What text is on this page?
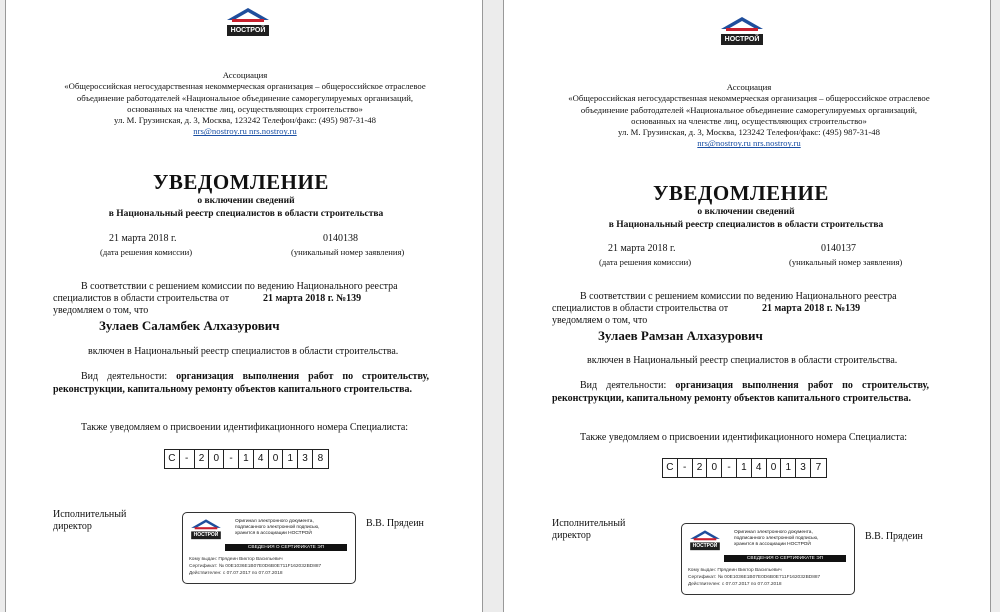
НОСТРОЙ
Ассоциация
«Общероссийская негосударственная некоммерческая организация – общероссийское отраслевое
объединение работодателей «Национальное объединение саморегулируемых организаций,
основанных на членстве лиц, осуществляющих строительство»
ул. М. Грузинская, д. 3, Москва, 123242 Телефон/факс: (495) 987-31-48
nrs@nostroy.ru nrs.nostroy.ru
УВЕДОМЛЕНИЕ
о включении сведений
в Национальный реестр специалистов в области строительства
21 марта 2018 г.
(дата решения комиссии)
0140138
(уникальный номер заявления)
В соответствии с решением комиссии по ведению Национального реестра
специалистов в области строительства от	21 марта 2018 г. №139
уведомляем о том, что
Зулаев Саламбек Алхазурович
включен в Национальный реестр специалистов в области строительства.
Вид деятельности: организация выполнения работ по строительству, реконструкции, капитальному ремонту объектов капитального строительства.
Также уведомляем о присвоении идентификационного номера Специалиста:
С -	2 0	-	1 4 0 1 3 8
Исполнительный
директор	В.В. Прядеин
НОСТРОЙ
Оригинал электронного документа,
подписанного электронной подписью,
хранится в ассоциации НОСТРОЙ
СВЕДЕНИЯ О СЕРТИФИКАТЕ ЭП
Кому выдан: Прядеин Виктор Васильевич
Сертификат: № 00E1036E1B07E0D6B0E711F162032BD887
Действителен: с 07.07.2017 по 07.07.2018
НОСТРОЙ
Ассоциация
«Общероссийская негосударственная некоммерческая организация – общероссийское отраслевое
объединение работодателей «Национальное объединение саморегулируемых организаций,
основанных на членстве лиц, осуществляющих строительство»
ул. М. Грузинская, д. 3, Москва, 123242 Телефон/факс: (495) 987-31-48
nrs@nostroy.ru nrs.nostroy.ru
УВЕДОМЛЕНИЕ
о включении сведений
в Национальный реестр специалистов в области строительства
21 марта 2018 г.
(дата решения комиссии)
0140137
(уникальный номер заявления)
В соответствии с решением комиссии по ведению Национального реестра
специалистов в области строительства от	21 марта 2018 г. №139
уведомляем о том, что
Зулаев Рамзан Алхазурович
включен в Национальный реестр специалистов в области строительства.
Вид деятельности: организация выполнения работ по строительству, реконструкции, капитальному ремонту объектов капитального строительства.
Также уведомляем о присвоении идентификационного номера Специалиста:
С -	2 0	-	1 4 0 1 3 7
Исполнительный
директор	В.В. Прядеин
НОСТРОЙ
Оригинал электронного документа,
подписанного электронной подписью,
хранится в ассоциации НОСТРОЙ
СВЕДЕНИЯ О СЕРТИФИКАТЕ ЭП
Кому выдан: Прядеин Виктор Васильевич
Сертификат: № 00E1036E1B07E0D6B0E711F162032BD887
Действителен: с 07.07.2017 по 07.07.2018
